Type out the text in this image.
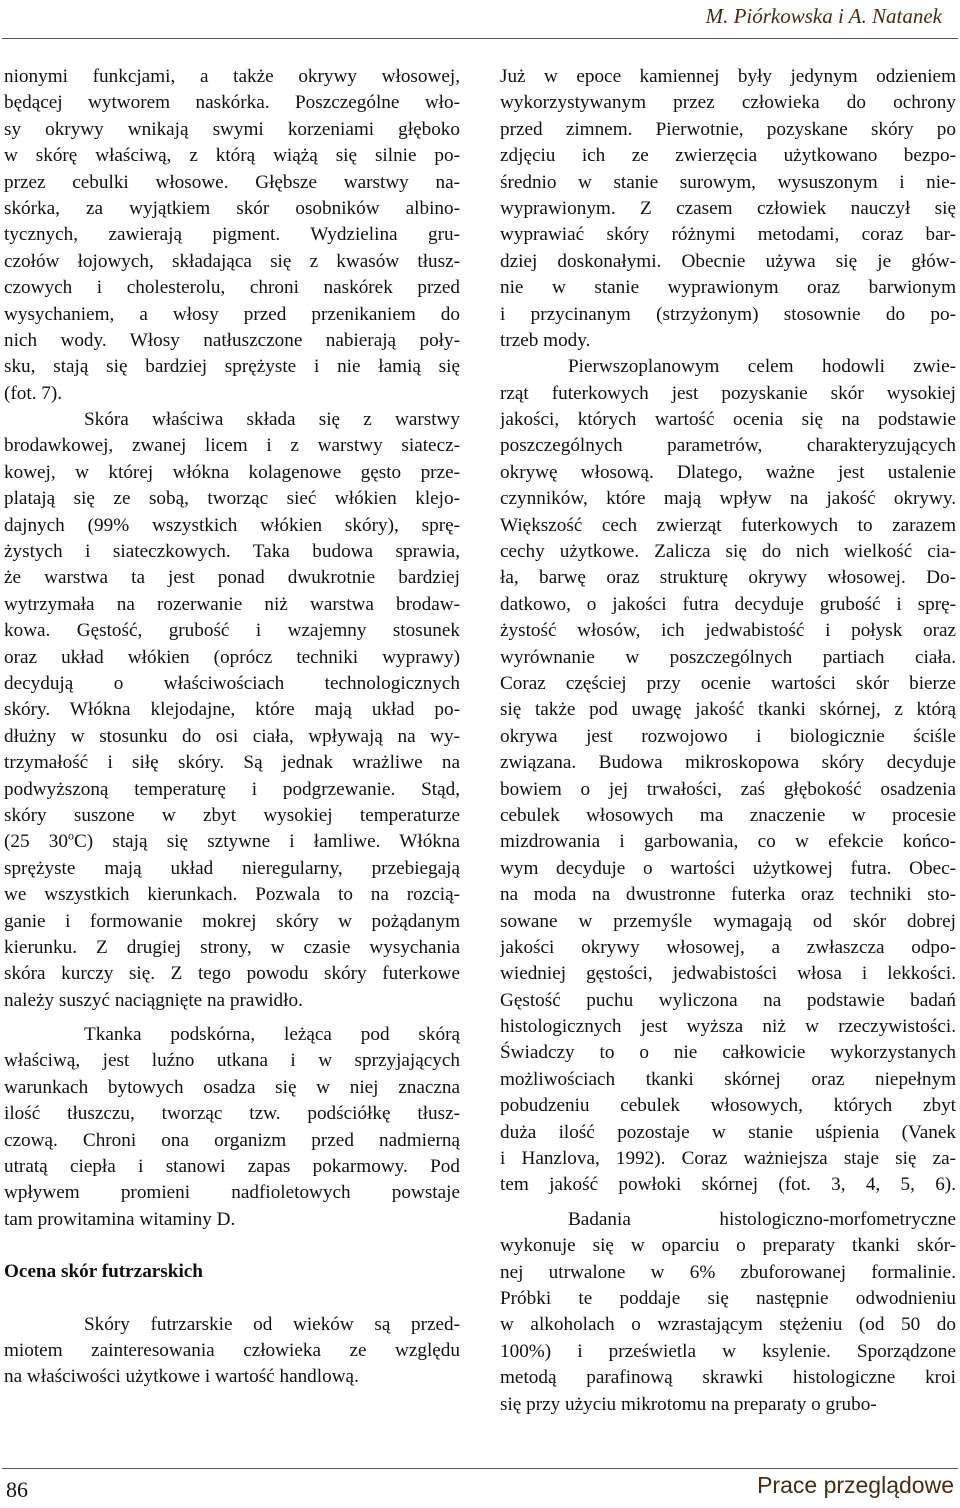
M. Piórkowska i A. Natanek
nionymi funkcjami, a także okrywy włosowej,
będącej wytworem naskórka. Poszczególne wło-
sy okrywy wnikają swymi korzeniami głęboko
w skórę właściwą, z którą wiążą się silnie po-
przez cebulki włosowe. Głębsze warstwy na-
skórka, za wyjątkiem skór osobników albino-
tycznych, zawierają pigment. Wydzielina gru-
czołów łojowych, składająca się z kwasów tłusz-
czowych i cholesterolu, chroni naskórek przed
wysychaniem, a włosy przed przenikaniem do
nich wody. Włosy natłuszczone nabierają poły-
sku, stają się bardziej sprężyste i nie łamią się
(fot. 7).
Skóra właściwa składa się z warstwy
brodawkowej, zwanej licem i z warstwy siatecz-
kowej, w której włókna kolagenowe gęsto prze-
platają się ze sobą, tworząc sieć włókien klejo-
dajnych (99% wszystkich włókien skóry), sprę-
żystych i siateczkowych. Taka budowa sprawia,
że warstwa ta jest ponad dwukrotnie bardziej
wytrzymała na rozerwanie niż warstwa brodaw-
kowa. Gęstość, grubość i wzajemny stosunek
oraz układ włókien (oprócz techniki wyprawy)
decydują o właściwościach technologicznych
skóry. Włókna klejodajne, które mają układ po-
dłużny w stosunku do osi ciała, wpływają na wy-
trzymałość i siłę skóry. Są jednak wrażliwe na
podwyższoną temperaturę i podgrzewanie. Stąd,
skóry suszone w zbyt wysokiej temperaturze
(25 30$^o$C) stają się sztywne i łamliwe. Włókna
sprężyste mają układ nieregularny, przebiegają
we wszystkich kierunkach. Pozwala to na rozcią-
ganie i formowanie mokrej skóry w pożądanym
kierunku. Z drugiej strony, w czasie wysychania
skóra kurczy się. Z tego powodu skóry futerkowe
należy suszyć naciągnięte na prawidło.
Tkanka podskórna, leżąca pod skórą
właściwą, jest luźno utkana i w sprzyjających
warunkach bytowych osadza się w niej znaczna
ilość tłuszczu, tworząc tzw. podściółkę tłusz-
czową. Chroni ona organizm przed nadmierną
utratą ciepła i stanowi zapas pokarmowy. Pod
wpływem promieni nadfioletowych powstaje
tam prowitamina witaminy D.
Ocena skór futrzarskich
Skóry futrzarskie od wieków są przed-
miotem zainteresowania człowieka ze względu
na właściwości użytkowe i wartość handlową.
Już w epoce kamiennej były jedynym odzieniem
wykorzystywanym przez człowieka do ochrony
przed zimnem. Pierwotnie, pozyskane skóry po
zdjęciu ich ze zwierzęcia użytkowano bezpo-
średnio w stanie surowym, wysuszonym i nie-
wyprawionym. Z czasem człowiek nauczył się
wyprawiać skóry różnymi metodami, coraz bar-
dziej doskonałymi. Obecnie używa się je głów-
nie w stanie wyprawionym oraz barwionym
i przycinanym (strzyżonym) stosownie do po-
trzeb mody.
Pierwszoplanowym celem hodowli zwie-
rząt futerkowych jest pozyskanie skór wysokiej
jakości, których wartość ocenia się na podstawie
poszczególnych parametrów, charakteryzujących
okrywę włosową. Dlatego, ważne jest ustalenie
czynników, które mają wpływ na jakość okrywy.
Większość cech zwierząt futerkowych to zarazem
cechy użytkowe. Zalicza się do nich wielkość cia-
ła, barwę oraz strukturę okrywy włosowej. Do-
datkowo, o jakości futra decyduje grubość i sprę-
żystość włosów, ich jedwabistość i połysk oraz
wyrównanie w poszczególnych partiach ciała.
Coraz częściej przy ocenie wartości skór bierze
się także pod uwagę jakość tkanki skórnej, z którą
okrywa jest rozwojowo i biologicznie ściśle
związana. Budowa mikroskopowa skóry decyduje
bowiem o jej trwałości, zaś głębokość osadzenia
cebulek włosowych ma znaczenie w procesie
mizdrowania i garbowania, co w efekcie końco-
wym decyduje o wartości użytkowej futra. Obec-
na moda na dwustronne futerka oraz techniki sto-
sowane w przemyśle wymagają od skór dobrej
jakości okrywy włosowej, a zwłaszcza odpo-
wiedniej gęstości, jedwabistości włosa i lekkości.
Gęstość puchu wyliczona na podstawie badań
histologicznych jest wyższa niż w rzeczywistości.
Świadczy to o nie całkowicie wykorzystanych
możliwościach tkanki skórnej oraz niepełnym
pobudzeniu cebulek włosowych, których zbyt
duża ilość pozostaje w stanie uśpienia (Vanek
i Hanzlova, 1992). Coraz ważniejsza staje się za-
tem jakość powłoki skórnej (fot. 3, 4, 5, 6).
Badania histologiczno-morfometryczne
wykonuje się w oparciu o preparaty tkanki skór-
nej utrwalone w 6% zbuforowanej formalinie.
Próbki te poddaje się następnie odwodnieniu
w alkoholach o wzrastającym stężeniu (od 50 do
100%) i prześwietla w ksylenie. Sporządzone
metodą parafinową skrawki histologiczne kroi
się przy użyciu mikrotomu na preparaty o grubo-
86	Prace przeglądowe
